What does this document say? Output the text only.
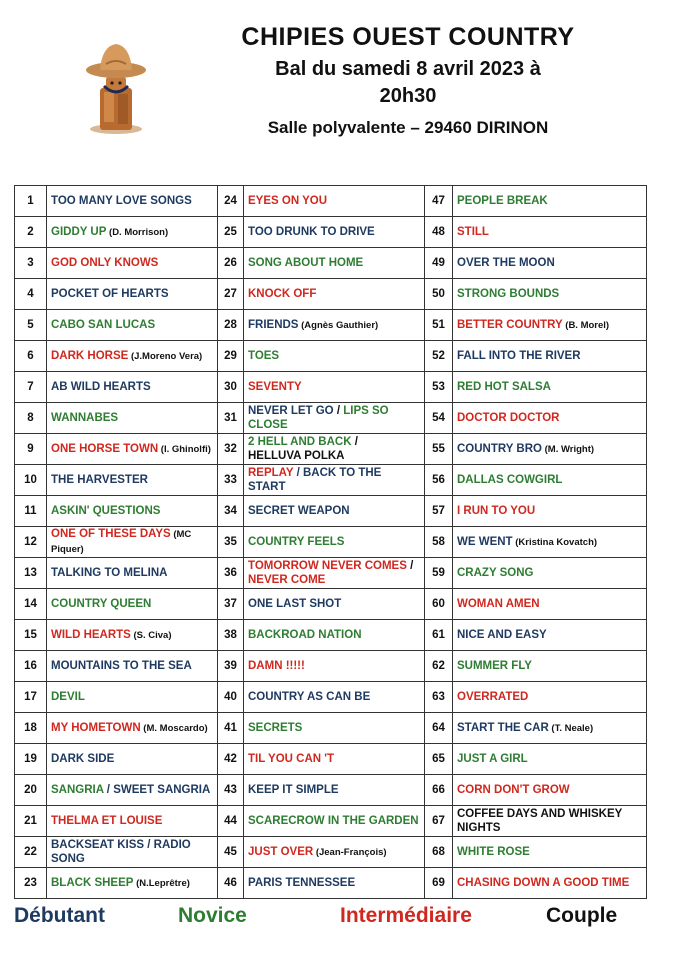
CHIPIES OUEST COUNTRY
Bal du samedi 8 avril 2023 à
20h30
Salle polyvalente – 29460 DIRINON
1	TOO MANY LOVE SONGS	24	EYES ON YOU	47	PEOPLE BREAK
2	GIDDY UP (D. Morrison)	25	TOO DRUNK TO DRIVE	48	STILL
3	GOD ONLY KNOWS	26	SONG ABOUT HOME	49	OVER THE MOON
4	POCKET OF HEARTS	27	KNOCK OFF	50	STRONG BOUNDS
5	CABO SAN LUCAS	28	FRIENDS (Agnès Gauthier)	51	BETTER COUNTRY (B. Morel)
6	DARK HORSE (J.Moreno Vera)	29	TOES	52	FALL INTO THE RIVER
7	AB WILD HEARTS	30	SEVENTY	53	RED HOT SALSA
8	WANNABES	31	NEVER LET GO / LIPS SO CLOSE	54	DOCTOR DOCTOR
9	ONE HORSE TOWN (I. Ghinolfi)	32	2 HELL AND BACK /
HELLUVA POLKA	55	COUNTRY BRO (M. Wright)
10	THE HARVESTER	33	REPLAY / BACK TO THE START	56	DALLAS COWGIRL
11	ASKIN' QUESTIONS	34	SECRET WEAPON	57	I RUN TO YOU
12	ONE OF THESE DAYS (MC Piquer)	35	COUNTRY FEELS	58	WE WENT (Kristina Kovatch)
13	TALKING TO MELINA	36	TOMORROW NEVER COMES /
NEVER COME	59	CRAZY SONG
14	COUNTRY QUEEN	37	ONE LAST SHOT	60	WOMAN AMEN
15	WILD HEARTS (S. Civa)	38	BACKROAD NATION	61	NICE AND EASY
16	MOUNTAINS TO THE SEA	39	DAMN !!!!!	62	SUMMER FLY
17	DEVIL	40	COUNTRY AS CAN BE	63	OVERRATED
18	MY HOMETOWN (M. Moscardo)	41	SECRETS	64	START THE CAR (T. Neale)
19	DARK SIDE	42	TIL YOU CAN 'T	65	JUST A GIRL
20	SANGRIA / SWEET SANGRIA	43	KEEP IT SIMPLE	66	CORN DON'T GROW
21	THELMA ET LOUISE	44	SCARECROW IN THE GARDEN	67	COFFEE DAYS AND WHISKEY
NIGHTS
22	BACKSEAT KISS / RADIO SONG	45	JUST OVER (Jean-François)	68	WHITE ROSE
23	BLACK SHEEP (N.Leprêtre)	46	PARIS TENNESSEE	69	CHASING DOWN A GOOD TIME
Débutant	Novice	Intermédiaire	Couple
